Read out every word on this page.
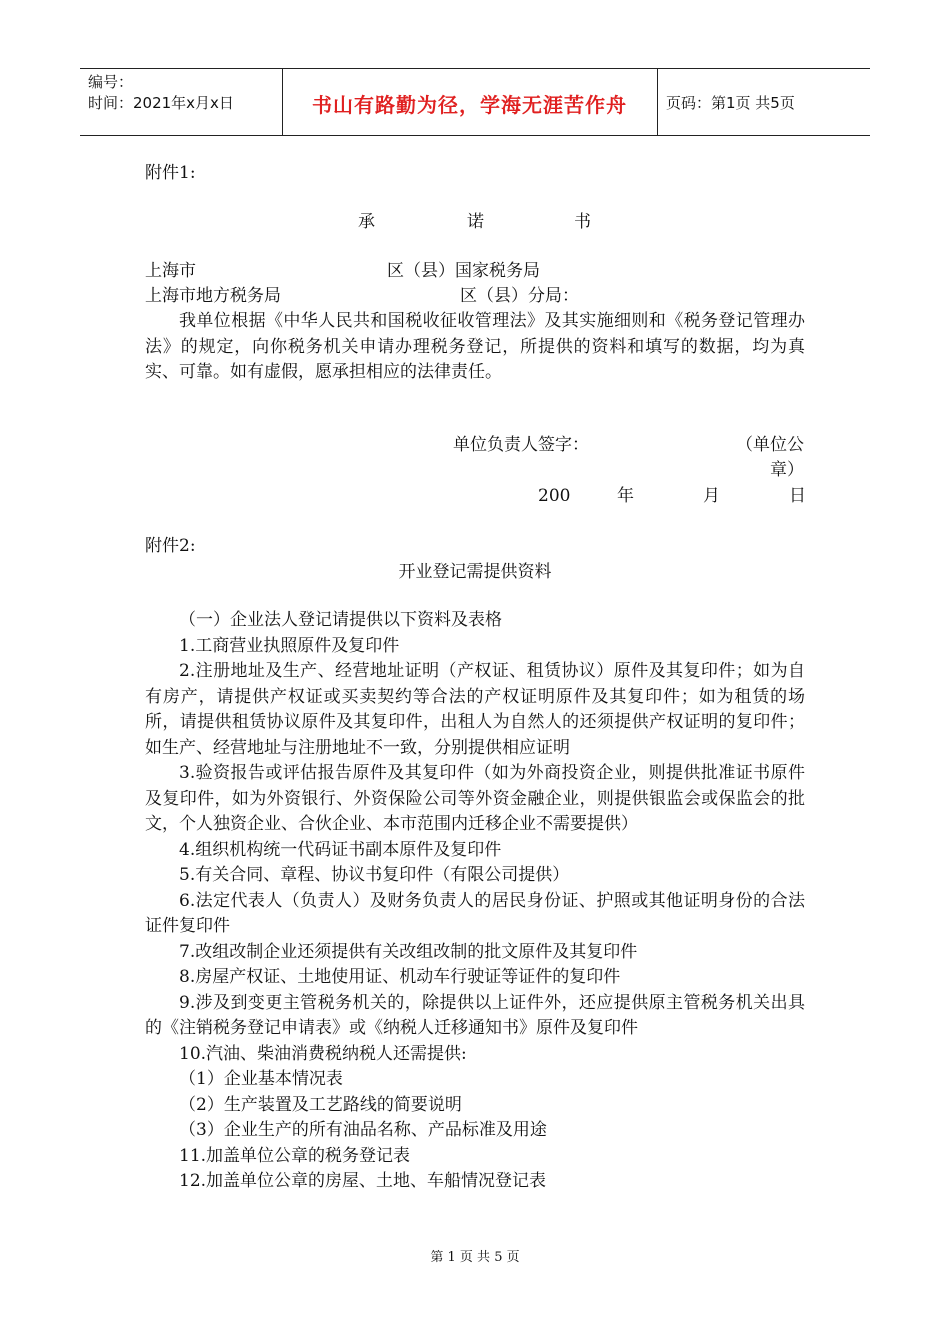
编号：
时间：2021年x月x日	书山有路勤为径，学海无涯苦作舟	页码：第1页 共5页
附件1:
承	诺	书
上海市	区（县）国家税务局
上海市地方税务局	区（县）分局：

我单位根据《中华人民共和国税收征收管理法》及其实施细则和《税务登记管理办法》的规定，向你税务机关申请办理税务登记，所提供的资料和填写的数据，均为真实、可靠。如有虚假，愿承担相应的法律责任。

单位负责人签字：	（单位公
章）
200	年	月	日
附件2:
开业登记需提供资料

（一）企业法人登记请提供以下资料及表格

1.工商营业执照原件及复印件

2.注册地址及生产、经营地址证明（产权证、租赁协议）原件及其复印件；如为自有房产，请提供产权证或买卖契约等合法的产权证明原件及其复印件；如为租赁的场所，请提供租赁协议原件及其复印件，出租人为自然人的还须提供产权证明的复印件；如生产、经营地址与注册地址不一致，分别提供相应证明

3.验资报告或评估报告原件及其复印件（如为外商投资企业，则提供批准证书原件及复印件，如为外资银行、外资保险公司等外资金融企业，则提供银监会或保监会的批文，个人独资企业、合伙企业、本市范围内迁移企业不需要提供）

4.组织机构统一代码证书副本原件及复印件

5.有关合同、章程、协议书复印件（有限公司提供）

6.法定代表人（负责人）及财务负责人的居民身份证、护照或其他证明身份的合法证件复印件

7.改组改制企业还须提供有关改组改制的批文原件及其复印件

8.房屋产权证、土地使用证、机动车行驶证等证件的复印件

9.涉及到变更主管税务机关的，除提供以上证件外，还应提供原主管税务机关出具的《注销税务登记申请表》或《纳税人迁移通知书》原件及复印件

10.汽油、柴油消费税纳税人还需提供:

（1）企业基本情况表

（2）生产装置及工艺路线的简要说明

（3）企业生产的所有油品名称、产品标准及用途

11.加盖单位公章的税务登记表

12.加盖单位公章的房屋、土地、车船情况登记表

第 1 页 共 5 页
